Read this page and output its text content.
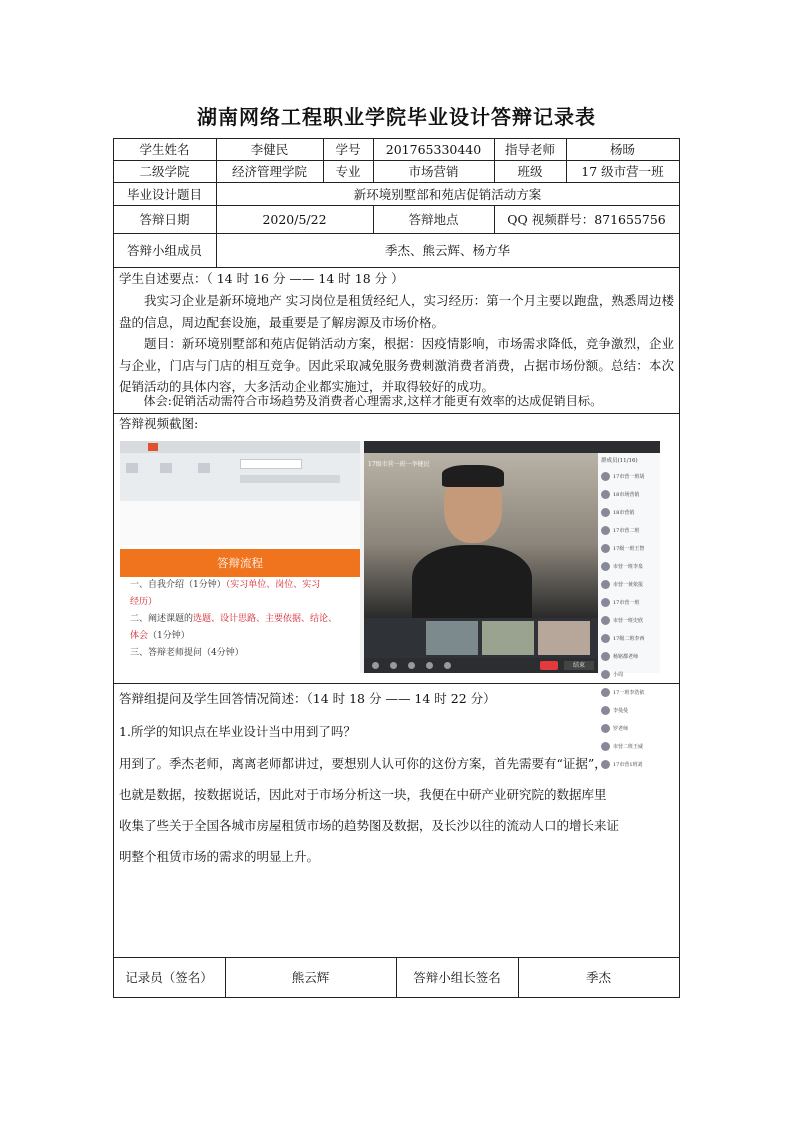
湖南网络工程职业学院毕业设计答辩记录表
学生姓名	李健民	学号	201765330440	指导老师	杨旸
二级学院	经济管理学院	专业	市场营销	班级	17 级市营一班
毕业设计题目	新环境别墅部和苑店促销活动方案
答辩日期	2020/5/22	答辩地点	QQ 视频群号：871655756
答辩小组成员	季杰、熊云辉、杨方华
学生自述要点：（ 14 时 16 分 —— 14 时 18 分 ）
我实习企业是新环境地产 实习岗位是租赁经纪人，实习经历：第一个月主要以跑盘，熟悉周边楼盘的信息，周边配套设施，最重要是了解房源及市场价格。
题目：新环境别墅部和苑店促销活动方案，根据：因疫情影响，市场需求降低，竞争激烈，企业与企业，门店与门店的相互竞争。因此采取减免服务费刺激消费者消费，占据市场份额。总结：本次促销活动的具体内容，大多活动企业都实施过，并取得较好的成功。
体会:促销活动需符合市场趋势及消费者心理需求,这样才能更有效率的达成促销目标。
答辩视频截图:
答辩流程
一、自我介绍（1分钟）（实习单位、岗位、实习
经历）
二、阐述课题的选题、设计思路、主要依据、结论、
体会（1分钟）
三、答辩老师提问（4分钟）
17级市营一班一李健民
结束
群成员(11/16)
17市营一班胡
18市场营销
18市营销
17市营二班
17级一班王智
市营一班李泉
市营一黄依报
17市营一班
市营一班史欣
17级二班李西
杨铭都老师
小周
17一班李浩依
李曼曼
罗老师
市营二班王威
17市营1班刘
答辩组提问及学生回答情况简述：（14 时 18 分 —— 14 时 22 分）
1.所学的知识点在毕业设计当中用到了吗？
用到了。季杰老师，离离老师都讲过，要想别人认可你的这份方案，首先需要有“证据”，
也就是数据，按数据说话，因此对于市场分析这一块，我便在中研产业研究院的数据库里
收集了些关于全国各城市房屋租赁市场的趋势图及数据，及长沙以往的流动人口的增长来证
明整个租赁市场的需求的明显上升。
记录员（签名）	熊云辉	答辩小组长签名	季杰
